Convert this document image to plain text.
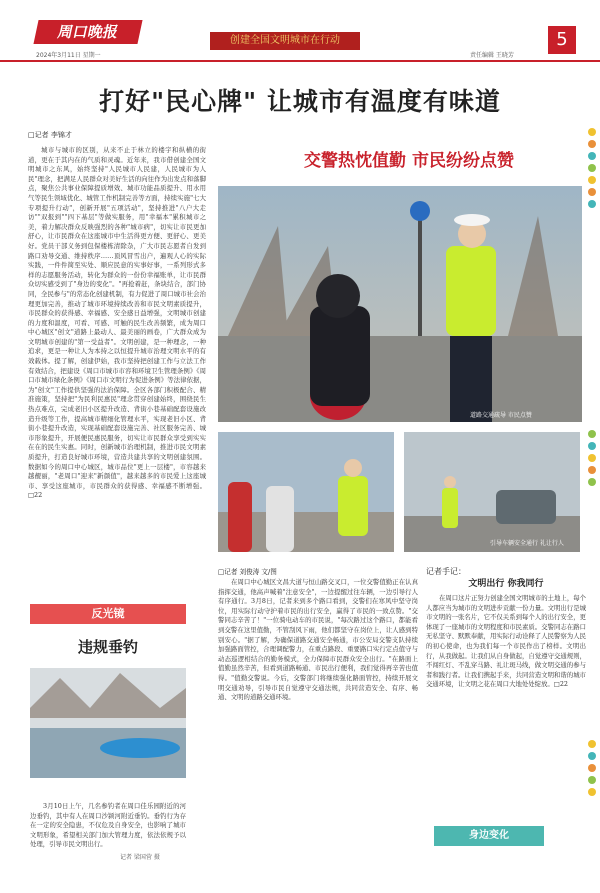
周口晚报
2024年3月11日 星期一
创建全国文明城市在行动
责任编辑 王晓芳
5
打好"民心牌" 让城市有温度有味道
□记者 李锦才
交警热忱值勤 市民纷纷点赞
城市与城市的区别，从来不止于林立的楼宇和纵横的街道，更在于其内在的气质和灵魂。近年来，我市借创建全国文明城市之东风，始终坚持"人民城市人民建，人民城市为人民"理念，把满足人民群众对美好生活的向往作为出发点和落脚点，聚焦公共事业保障提质增效、城市功能品质提升、用水用气等民生领域优化、城管工作机制完善等方面，持续实施"七大专项提升行动"，创新开展"五项活动"，坚持推进"八户大走访""双报到""四下基层"等做实服务，用"幸福本"累积城市之美，着力解决群众反映强烈的各种"城市病"，切实让市民更加舒心，让市民群众在这座城市中生活得更方便、更舒心、更美好。党员干部义务到包保楼栋清除杂，广大市民志愿者自发到路口劝导交通、维持秩序……顶风冒雪出户，遍观人心的实际实践，一件件简至实处、顺应民意的实事好事，一系列形式多样的志愿服务活动，转化为群众的一份份幸福账单，让市民群众切实感受到了"身边的变化"。"再抢着赶，条块结合，部门协同，全民参与"的常态化创建机制，有力促进了周口城市社会治理更加完善，推动了城市环境持续改善和市民文明素质提升，市民群众的获得感、幸福感、安全感日益增强，文明城市创建的力度和温度，可看、可感、可触的民生改善频繁，成为周口中心城区"创文"道路上最动人、最美丽的画卷，广大群众成为文明城市创建的"第一受益者"。文明创建，是一种理念，一种追求，更是一种让人为本持之以恒提升城市治理文明水平的有效载体。提了解，创建伊始，我市坚持把创建工作与立法工作有效结合，把建设《周口市城市市容和环境卫生管理条例》《周口市城市绿化条例》《周口市文明行为促进条例》等法律依据，为"创文"工作提供坚强的法治保障。全区各部门积极配合、精准施策，坚持把"为民利民惠民"理念贯穿创建始终，围绕民生热点难点，完成老旧小区提升改造、背街小巷基础配套设施改造升级等工作，提高城市精细化管理水平，实现老旧小区、背街小巷提升改造，实现基础配套设施完善、社区服务完善、城市形象提升，开展便民惠民服务，切实让市民群众享受到实实在在的民生实惠。同时，创新城市治理机制，推进市民文明素质提升，打造良好城市环境，营造共建共享的文明创建氛围。数据如今的周口中心城区，城市品位"更上一层楼"，市容越来越靓丽，"老周口"迎来"新颜值"，越来越多的市民爱上这座城市、享受这座城市，市民群众的获得感、幸福感不断增强。□22
道路交通疏导 市民点赞
引导车辆安全通行 礼让行人
反光镜
违规垂钓
3月10日上午，几名参钓者在周口佳乐园附近的河边垂钓，其中有人在周口沙颍河附近垂钓。垂钓行为存在一定的安全隐患，不仅危及自身安全，也影响了城市文明形象，希望相关部门加大管理力度，依法依规予以处理，引导市民文明出行。
记者 梁国营 摄
□记者 刘俊涛 文/图
在周口中心城区文昌大道与恒山路交叉口，一位交警值勤正在认真指挥交通，他高声喊着"注意安全"，一边提醒过往车辆，一边引导行人有序通行。3月8日，记者来到多个路口看到，交警们在寒风中坚守岗位，用实际行动守护着市民的出行安全，赢得了市民的一致点赞。"交警同志辛苦了！"一位骑电动车的市民说，"每次路过这个路口，都能看到交警在这里值勤，不管刮风下雨，他们都坚守在岗位上，让人感到特别安心。"据了解，为确保道路交通安全畅通，市公安局交警支队持续加强路面管控，合理调配警力，在重点路段、重要路口实行定点值守与动态巡逻相结合的勤务模式，全力保障市民群众安全出行。"在路面上值勤虽然辛苦，但看到道路畅通、市民出行便利，我们觉得再辛苦也值得。"值勤交警说。今后，交警部门将继续强化路面管控，持续开展文明交通劝导，引导市民自觉遵守交通法规，共同营造安全、有序、畅通、文明的道路交通环境。
记者手记：
文明出行 你我同行
在周口这片正努力创建全国文明城市的土地上，每个人都应当为城市的文明进步贡献一份力量。文明出行是城市文明的一张名片，它不仅关系到每个人的出行安全，更体现了一座城市的文明程度和市民素质。交警同志在路口无私坚守、默默奉献，用实际行动诠释了人民警察为人民的初心使命，也为我们每一个市民作出了榜样。文明出行，从我做起。让我们从自身做起，自觉遵守交通规则，不闯红灯、不乱穿马路、礼让斑马线，做文明交通的参与者和践行者。让我们携起手来，共同营造文明和谐的城市交通环境，让文明之花在周口大地处处绽放。□22
身边变化
